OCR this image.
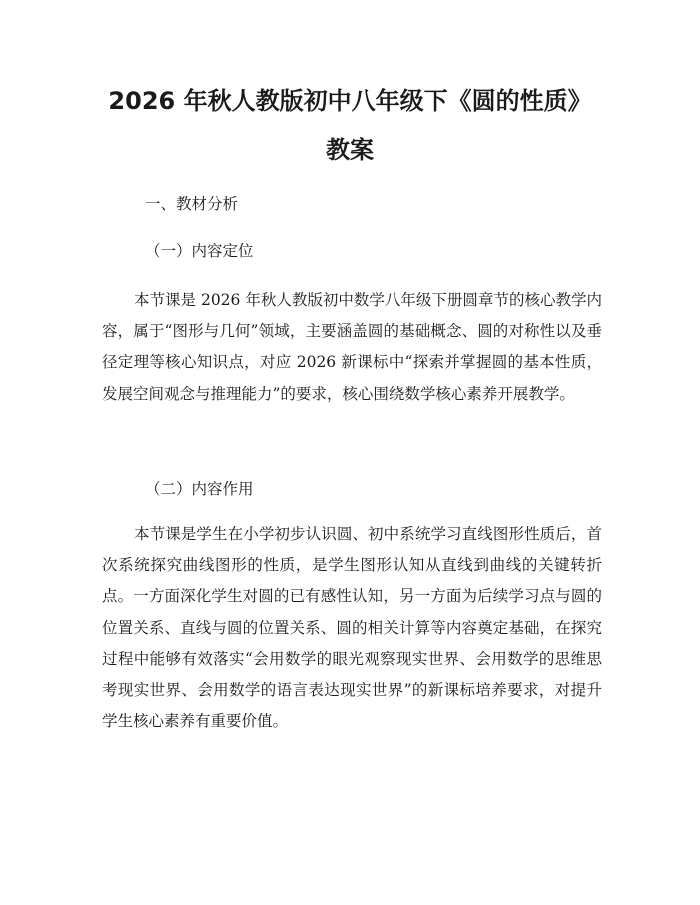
2026 年秋人教版初中八年级下《圆的性质》
教案
一、教材分析
（一）内容定位
本节课是 2026 年秋人教版初中数学八年级下册圆章节的核心教学内容，属于“图形与几何”领域，主要涵盖圆的基础概念、圆的对称性以及垂径定理等核心知识点，对应 2026 新课标中“探索并掌握圆的基本性质，发展空间观念与推理能力”的要求，核心围绕数学核心素养开展教学。
（二）内容作用
本节课是学生在小学初步认识圆、初中系统学习直线图形性质后，首次系统探究曲线图形的性质，是学生图形认知从直线到曲线的关键转折点。一方面深化学生对圆的已有感性认知，另一方面为后续学习点与圆的位置关系、直线与圆的位置关系、圆的相关计算等内容奠定基础，在探究过程中能够有效落实“会用数学的眼光观察现实世界、会用数学的思维思考现实世界、会用数学的语言表达现实世界”的新课标培养要求，对提升学生核心素养有重要价值。
